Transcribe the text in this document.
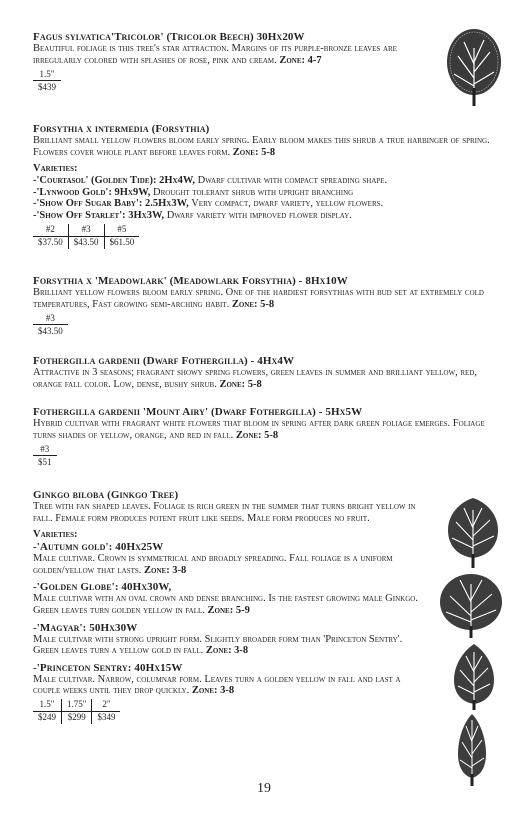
Fagus sylvatica'Tricolor' (Tricolor Beech) 30Hx20W

Beautiful foliage is this tree's star attraction. Margins of its purple-bronze leaves are irregularly colored with splashes of rose, pink and cream. Zone: 4-7

1.5"
$439
Forsythia x intermedia (Forsythia)

Brilliant small yellow flowers bloom early spring. Early bloom makes this shrub a true harbinger of spring. Flowers cover whole plant before leaves form. Zone: 5-8

Varieties:
-'Courtasol' (Golden Tide): 2Hx4W, Dwarf cultivar with compact spreading shape.
-'Lynwood Gold': 9Hx9W, Drought tolerant shrub with upright branching
-'Show Off Sugar Baby': 2.5Hx3W, Very compact, dwarf variety, yellow flowers.
-'Show Off Starlet': 3Hx3W, Dwarf variety with improved flower display.
#2	#3	#5
$37.50	$43.50	$61.50
Forsythia x 'Meadowlark' (Meadowlark Forsythia) - 8Hx10W

Brilliant yellow flowers bloom early spring. One of the hardiest forsythias with bud set at extremely cold temperatures, Fast growing semi-arching habit. Zone: 5-8

#3
$43.50
Fothergilla gardenii (Dwarf Fothergilla) - 4Hx4W

Attractive in 3 seasons; fragrant showy spring flowers, green leaves in summer and brilliant yellow, red, orange fall color. Low, dense, bushy shrub. Zone: 5-8

Fothergilla gardenii 'Mount Airy' (Dwarf Fothergilla) - 5Hx5W

Hybrid cultivar with fragrant white flowers that bloom in spring after dark green foliage emerges. Foliage turns shades of yellow, orange, and red in fall. Zone: 5-8

#3
$51
Ginkgo biloba (Ginkgo Tree)

Tree with fan shaped leaves. Foliage is rich green in the summer that turns bright yellow in fall. Female form produces potent fruit like seeds. Male form produces no fruit.

Varieties:
-'Autumn gold': 40Hx25W

Male cultivar. Crown is symmetrical and broadly spreading. Fall foliage is a uniform golden/yellow that lasts. Zone: 3-8

-'Golden Globe': 40Hx30W,

Male cultivar with an oval crown and dense branching. Is the fastest growing male Ginkgo. Green leaves turn golden yellow in fall. Zone: 5-9

-'Magyar': 50Hx30W

Male cultivar with strong upright form. Slightly broader form than 'Princeton Sentry'. Green leaves turn a yellow gold in fall. Zone: 3-8

-'Princeton Sentry: 40Hx15W

Male cultivar. Narrow, columnar form. Leaves turn a golden yellow in fall and last a couple weeks until they drop quickly. Zone: 3-8

1.5"	1.75"	2"
$249	$299	$349
19
